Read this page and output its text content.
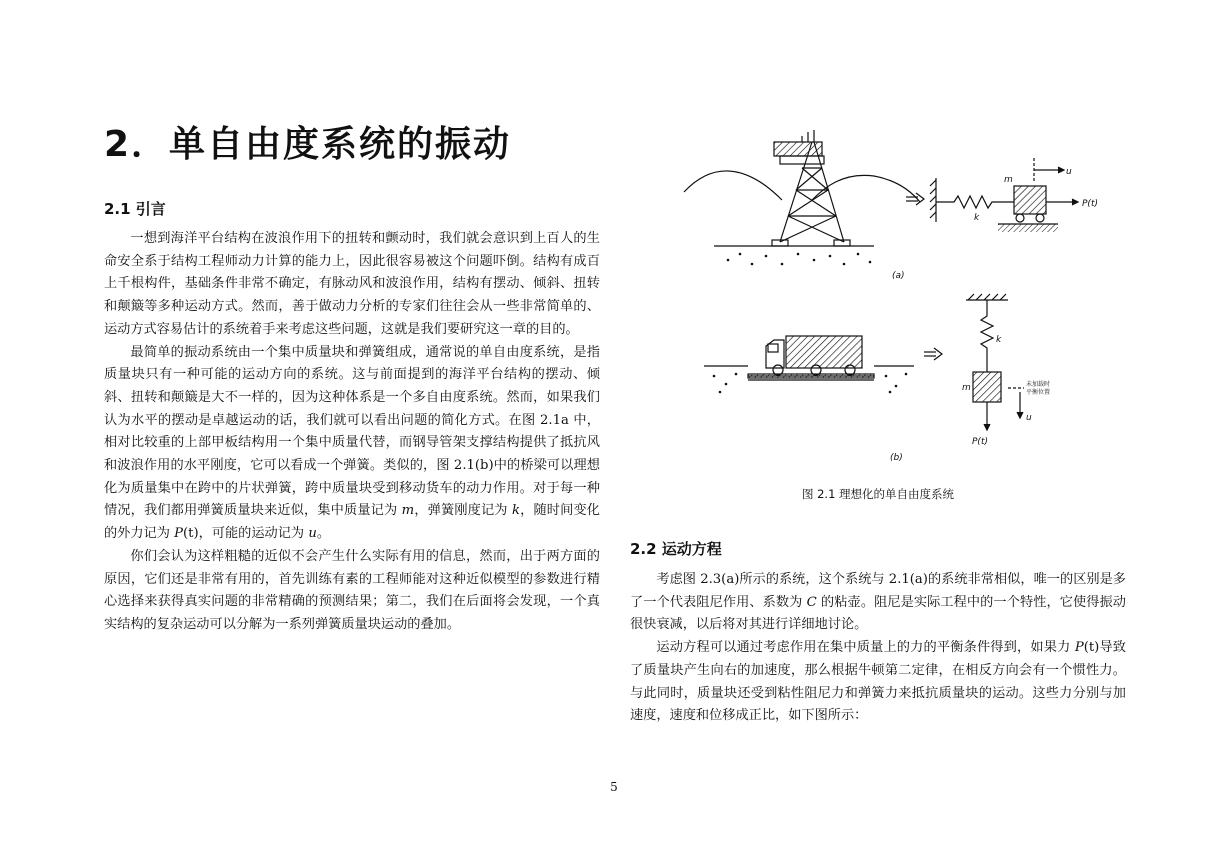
2．单自由度系统的振动
2.1 引言

一想到海洋平台结构在波浪作用下的扭转和颤动时，我们就会意识到上百人的生命安全系于结构工程师动力计算的能力上，因此很容易被这个问题吓倒。结构有成百上千根构件，基础条件非常不确定，有脉动风和波浪作用，结构有摆动、倾斜、扭转和颠簸等多种运动方式。然而，善于做动力分析的专家们往往会从一些非常简单的、运动方式容易估计的系统着手来考虑这些问题，这就是我们要研究这一章的目的。

最简单的振动系统由一个集中质量块和弹簧组成，通常说的单自由度系统，是指质量块只有一种可能的运动方向的系统。这与前面提到的海洋平台结构的摆动、倾斜、扭转和颠簸是大不一样的，因为这种体系是一个多自由度系统。然而，如果我们认为水平的摆动是卓越运动的话，我们就可以看出问题的简化方式。在图 2.1a 中，相对比较重的上部甲板结构用一个集中质量代替，而钢导管架支撑结构提供了抵抗风和波浪作用的水平刚度，它可以看成一个弹簧。类似的，图 2.1(b)中的桥梁可以理想化为质量集中在跨中的片状弹簧，跨中质量块受到移动货车的动力作用。对于每一种情况，我们都用弹簧质量块来近似，集中质量记为 m，弹簧刚度记为 k，随时间变化的外力记为 P(t)，可能的运动记为 u。

你们会认为这样粗糙的近似不会产生什么实际有用的信息，然而，出于两方面的原因，它们还是非常有用的，首先训练有素的工程师能对这种近似模型的参数进行精心选择来获得真实问题的非常精确的预测结果；第二，我们在后面将会发现，一个真实结构的复杂运动可以分解为一系列弹簧质量块运动的叠加。

(a)
(b)
m
k
u
P(t)
k
m
u
P(t)
未加载时
平衡位置

图 2.1 理想化的单自由度系统

2.2 运动方程

考虑图 2.3(a)所示的系统，这个系统与 2.1(a)的系统非常相似，唯一的区别是多了一个代表阻尼作用、系数为 C 的粘壶。阻尼是实际工程中的一个特性，它使得振动很快衰减，以后将对其进行详细地讨论。

运动方程可以通过考虑作用在集中质量上的力的平衡条件得到，如果力 P(t)导致了质量块产生向右的加速度，那么根据牛顿第二定律，在相反方向会有一个惯性力。与此同时，质量块还受到粘性阻尼力和弹簧力来抵抗质量块的运动。这些力分别与加速度，速度和位移成正比，如下图所示：

5
